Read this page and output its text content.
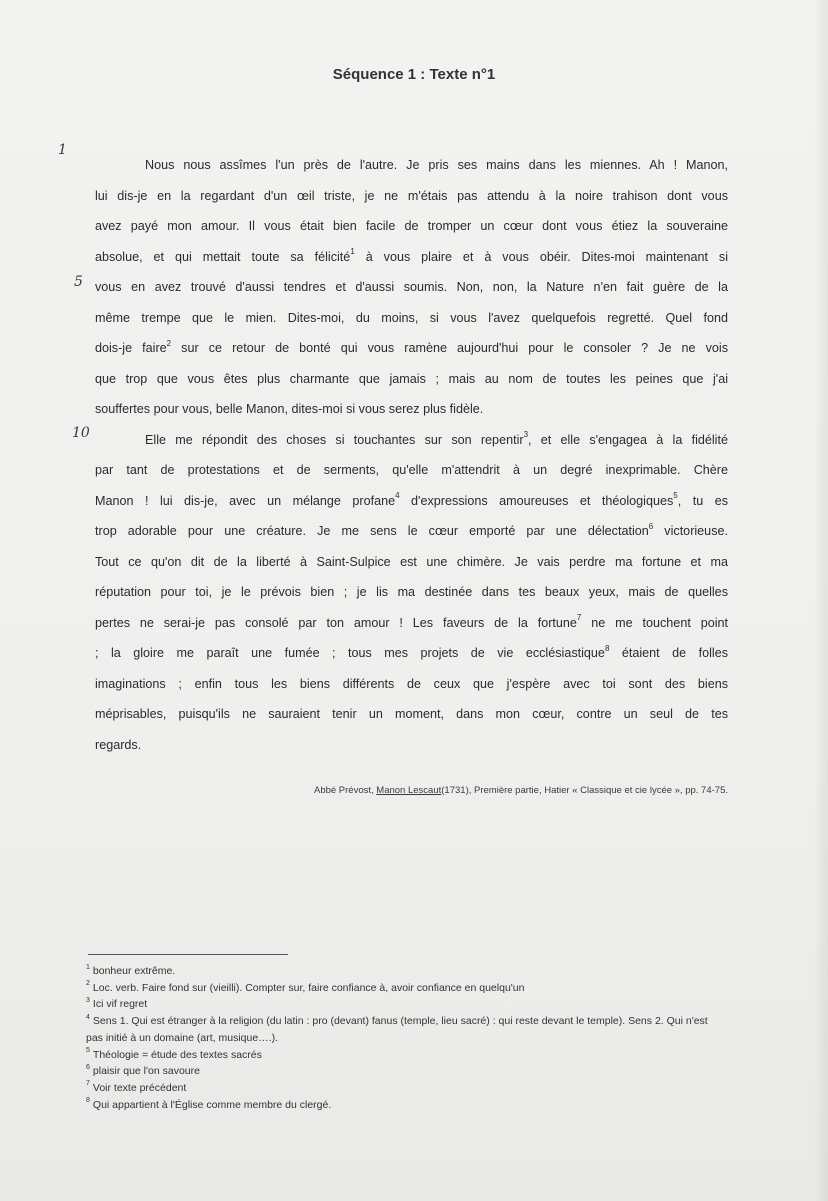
Séquence 1 : Texte n°1
1
5
10
Nous nous assîmes l'un près de l'autre. Je pris ses mains dans les miennes. Ah ! Manon,
lui dis-je en la regardant d'un œil triste, je ne m'étais pas attendu à la noire trahison dont vous
avez payé mon amour. Il vous était bien facile de tromper un cœur dont vous étiez la souveraine
absolue, et qui mettait toute sa félicité$^1$ à vous plaire et à vous obéir. Dites-moi maintenant si
vous en avez trouvé d'aussi tendres et d'aussi soumis. Non, non, la Nature n'en fait guère de la
même trempe que le mien. Dites-moi, du moins, si vous l'avez quelquefois regretté. Quel fond
dois-je faire$^2$ sur ce retour de bonté qui vous ramène aujourd'hui pour le consoler ? Je ne vois
que trop que vous êtes plus charmante que jamais ; mais au nom de toutes les peines que j'ai
souffertes pour vous, belle Manon, dites-moi si vous serez plus fidèle.
Elle me répondit des choses si touchantes sur son repentir$^3$, et elle s'engagea à la fidélité
par tant de protestations et de serments, qu'elle m'attendrit à un degré inexprimable. Chère
Manon ! lui dis-je, avec un mélange profane$^4$ d'expressions amoureuses et théologiques$^5$, tu es
trop adorable pour une créature. Je me sens le cœur emporté par une délectation$^6$ victorieuse.
Tout ce qu'on dit de la liberté à Saint-Sulpice est une chimère. Je vais perdre ma fortune et ma
réputation pour toi, je le prévois bien ; je lis ma destinée dans tes beaux yeux, mais de quelles
pertes ne serai-je pas consolé par ton amour ! Les faveurs de la fortune$^7$ ne me touchent point
; la gloire me paraît une fumée ; tous mes projets de vie ecclésiastique$^8$ étaient de folles
imaginations ; enfin tous les biens différents de ceux que j'espère avec toi sont des biens
méprisables, puisqu'ils ne sauraient tenir un moment, dans mon cœur, contre un seul de tes
regards.
Abbé Prévost, Manon Lescaut(1731), Première partie, Hatier « Classique et cie lycée », pp. 74-75.
$^1$ bonheur extrême.
$^2$ Loc. verb. Faire fond sur (vieilli). Compter sur, faire confiance à, avoir confiance en quelqu'un
$^3$ Ici vif regret
$^4$ Sens 1. Qui est étranger à la religion (du latin : pro (devant) fanus (temple, lieu sacré) : qui reste devant le temple). Sens 2. Qui n'est pas initié à un domaine (art, musique….).
$^5$ Théologie = étude des textes sacrés
$^6$ plaisir que l'on savoure
$^7$ Voir texte précédent
$^8$ Qui appartient à l'Église comme membre du clergé.
